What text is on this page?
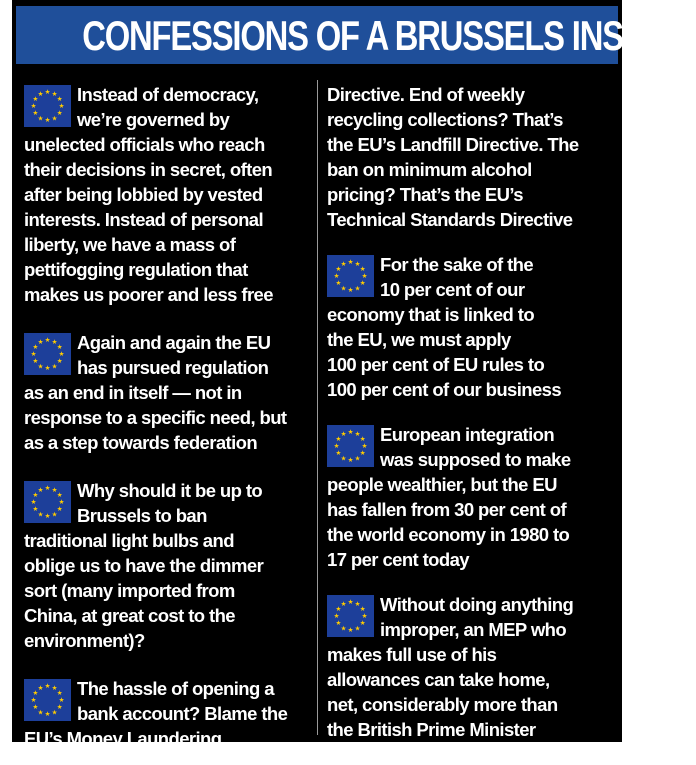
CONFESSIONS OF A BRUSSELS INSIDER
★ ★
★
★
★
★
★
★
★
★
★
★	Instead of democracy,
we’re governed by
unelected officials who reach
their decisions in secret, often
after being lobbied by vested
interests. Instead of personal
liberty, we have a mass of
pettifogging regulation that
makes us poorer and less free

★ ★
★
★
★
★
★
★
★
★
★
★	Again and again the EU
has pursued regulation
as an end in itself — not in
response to a specific need, but
as a step towards federation

★ ★
★
★
★
★
★
★
★
★
★
★	Why should it be up to
Brussels to ban
traditional light bulbs and
oblige us to have the dimmer
sort (many imported from
China, at great cost to the
environment)?

★ ★
★
★
★
★
★
★
★
★
★
★	The hassle of opening a
bank account? Blame the
EU’s Money Laundering

Directive. End of weekly
recycling collections? That’s
the EU’s Landfill Directive. The
ban on minimum alcohol
pricing? That’s the EU’s
Technical Standards Directive

★ ★
★
★
★
★
★
★
★
★
★
★	For the sake of the
10 per cent of our
economy that is linked to
the EU, we must apply
100 per cent of EU rules to
100 per cent of our business

★ ★
★
★
★
★
★
★
★
★
★
★	European integration
was supposed to make
people wealthier, but the EU
has fallen from 30 per cent of
the world economy in 1980 to
17 per cent today

★ ★
★
★
★
★
★
★
★
★
★
★	Without doing anything
improper, an MEP who
makes full use of his
allowances can take home,
net, considerably more than
the British Prime Minister
